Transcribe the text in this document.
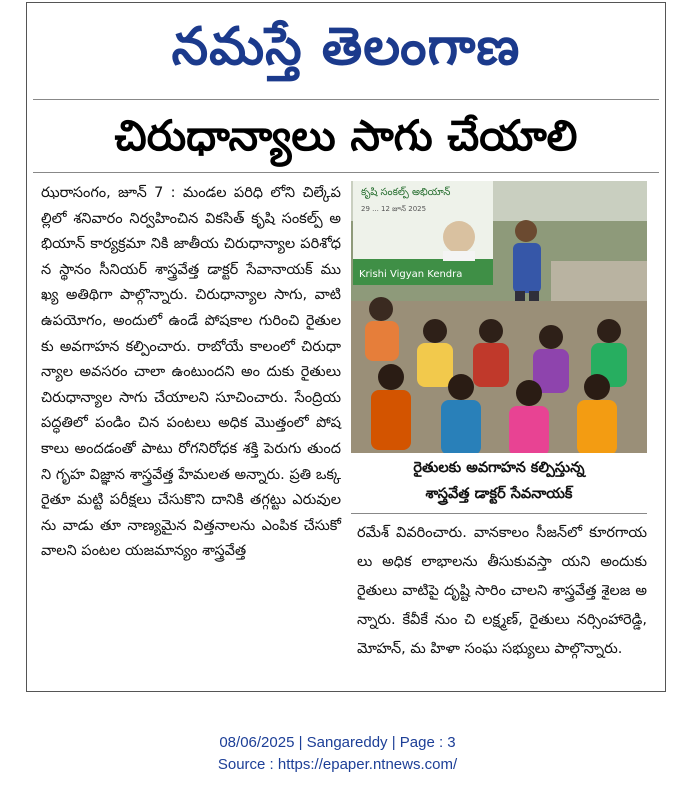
నమస్తే తెలంగాణ
చిరుధాన్యాలు సాగు చేయాలి
ఝరాసంగం, జూన్ 7 : మండల పరిధి లోని చిల్కేపల్లిలో శనివారం నిర్వహించిన వికసిత్ కృషి సంకల్ప్ అభియాన్ కార్యక్రమా నికి జాతీయ చిరుధాన్యాల పరిశోధన స్థానం సీనియర్ శాస్త్రవేత్త డాక్టర్ సేవానాయక్ ము ఖ్య అతిథిగా పాల్గొన్నారు. చిరుధాన్యాల సాగు, వాటి ఉపయోగం, అందులో ఉండే పోషకాల గురించి రైతులకు అవగాహన కల్పించారు. రాబోయే కాలంలో చిరుధా న్యాల అవసరం చాలా ఉంటుందని అం దుకు రైతులు చిరుధాన్యాల సాగు చేయాలని సూచించారు. సేంద్రియ పద్ధతిలో పండిం చిన పంటలు అధిక మొత్తంలో పోషకాలు అందడంతో పాటు రోగనిరోధక శక్తి పెరుగు తుందని గృహ విజ్ఞాన శాస్త్రవేత్త హేమలత అన్నారు. ప్రతి ఒక్క రైతూ మట్టి పరీక్షలు చేసుకొని దానికి తగ్గట్టు ఎరువులను వాడు తూ నాణ్యమైన విత్తనాలను ఎంపిక చేసుకో వాలని పంటల యజమాన్యం శాస్త్రవేత్త
కృషి సంకల్ప్ అభియాన్
29 ... 12 జూన్ 2025
Krishi Vigyan Kendra
రైతులకు అవగాహన కల్పిస్తున్న
శాస్త్రవేత్త డాక్టర్ సేవనాయక్
రమేశ్ వివరించారు. వానకాలం సీజన్‌లో కూరగాయలు అధిక లాభాలను తీసుకువస్తా యని అందుకు రైతులు వాటిపై దృష్టి సారిం చాలని శాస్త్రవేత్త శైలజ అన్నారు. కేవీకే నుం చి లక్ష్మణ్, రైతులు నర్సింహారెడ్డి, మోహన్, మ హిళా సంఘ సభ్యులు పాల్గొన్నారు.
08/06/2025 | Sangareddy | Page : 3
Source : https://epaper.ntnews.com/
